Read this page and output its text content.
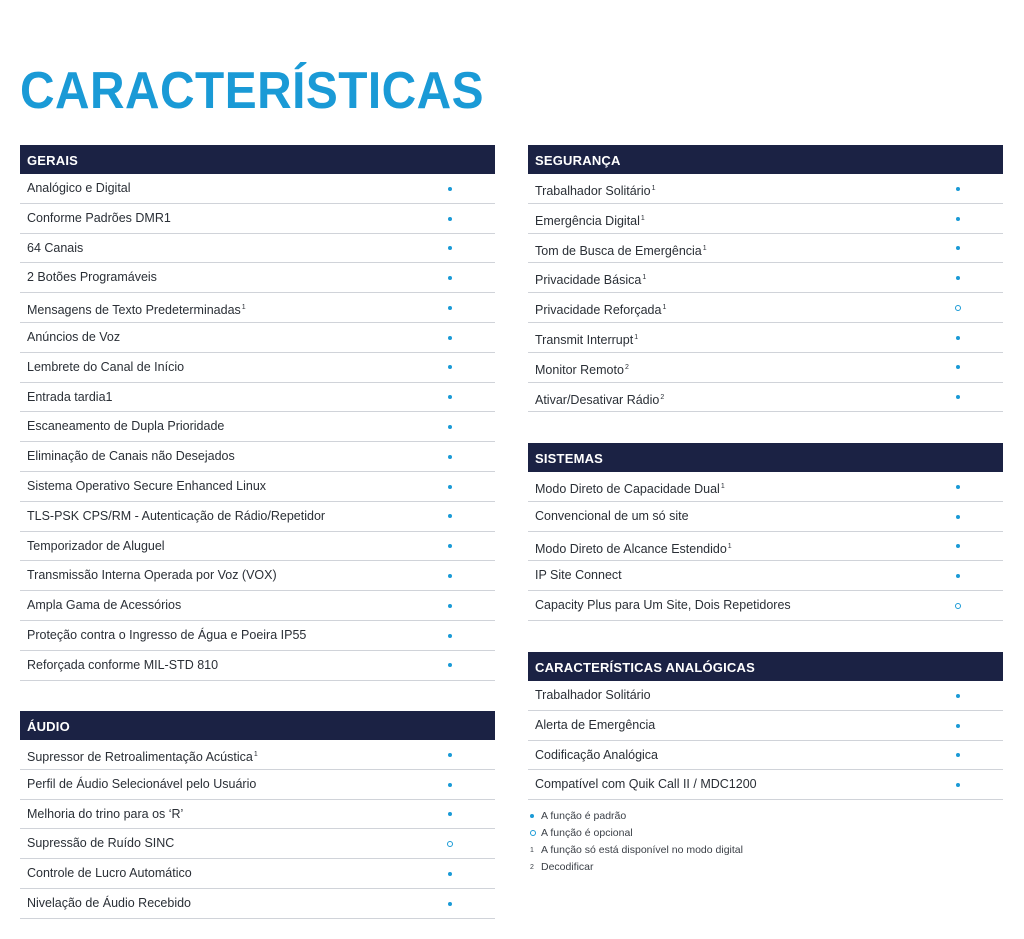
CARACTERÍSTICAS
GERAIS
Analógico e Digital
Conforme Padrões DMR1
64 Canais
2 Botões Programáveis
Mensagens de Texto Predeterminadas$^1$
Anúncios de Voz
Lembrete do Canal de Início
Entrada tardia1
Escaneamento de Dupla Prioridade
Eliminação de Canais não Desejados
Sistema Operativo Secure Enhanced Linux
TLS-PSK CPS/RM - Autenticação de Rádio/Repetidor
Temporizador de Aluguel
Transmissão Interna Operada por Voz (VOX)
Ampla Gama de Acessórios
Proteção contra o Ingresso de Água e Poeira IP55
Reforçada conforme MIL-STD 810
ÁUDIO
Supressor de Retroalimentação Acústica$^1$
Perfil de Áudio Selecionável pelo Usuário
Melhoria do trino para os ‘R’
Supressão de Ruído SINC
Controle de Lucro Automático
Nivelação de Áudio Recebido
SEGURANÇA
Trabalhador Solitário$^1$
Emergência Digital$^1$
Tom de Busca de Emergência$^1$
Privacidade Básica$^1$
Privacidade Reforçada$^1$
Transmit Interrupt$^1$
Monitor Remoto$^2$
Ativar/Desativar Rádio$^2$
SISTEMAS
Modo Direto de Capacidade Dual$^1$
Convencional de um só site
Modo Direto de Alcance Estendido$^1$
IP Site Connect
Capacity Plus para Um Site, Dois Repetidores
CARACTERÍSTICAS ANALÓGICAS
Trabalhador Solitário
Alerta de Emergência
Codificação Analógica
Compatível com Quik Call II / MDC1200
A função é padrão
A função é opcional
1 A função só está disponível no modo digital
2 Decodificar
